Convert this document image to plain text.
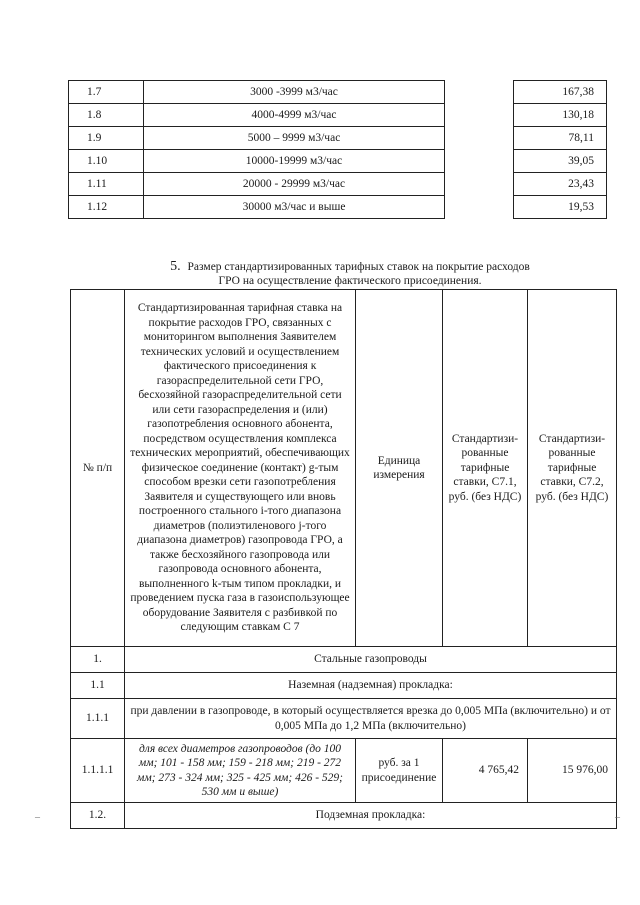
1.7	3000 -3999 м3/час		167,38
1.8	4000-4999 м3/час		130,18
1.9	5000 – 9999 м3/час		78,11
1.10	10000-19999 м3/час		39,05
1.11	20000 - 29999 м3/час		23,43
1.12	30000 м3/час и выше		19,53
5. Размер стандартизированных тарифных ставок на покрытие расходов
ГРО на осуществление фактического присоединения.
№ п/п	Стандартизированная тарифная ставка на покрытие расходов ГРО, связанных с мониторингом выполнения Заявителем технических условий и осуществлением фактического присоединения к газораспределительной сети ГРО, бесхозяйной газораспределительной сети или сети газораспределения и (или) газопотребления основного абонента, посредством осуществления комплекса технических мероприятий, обеспечивающих физическое соединение (контакт) g-тым способом врезки сети газопотребления Заявителя и существующего или вновь построенного стального i-того диапазона диаметров (полиэтиленового j-того диапазона диаметров) газопровода ГРО, а также бесхозяйного газопровода или газопровода основного абонента, выполненного k-тым типом прокладки, и проведением пуска газа в газоиспользующее оборудование Заявителя с разбивкой по следующим ставкам С 7	Единица измерения	Стандартизи-рованные тарифные ставки, С7.1, руб. (без НДС)	Стандартизи-рованные тарифные ставки, С7.2, руб. (без НДС)
1.	Стальные газопроводы			
1.1	Наземная (надземная) прокладка:			
1.1.1	при давлении в газопроводе, в который осуществляется врезка до 0,005 МПа (включительно) и от 0,005 МПа до 1,2 МПа (включительно)			
1.1.1.1	для всех диаметров газопроводов (до 100 мм; 101 - 158 мм; 159 - 218 мм; 219 - 272 мм; 273 - 324 мм; 325 - 425 мм; 426 - 529; 530 мм и выше)	руб. за 1 присоединение	4 765,42	15 976,00
1.2.	Подземная прокладка:			
–	–
